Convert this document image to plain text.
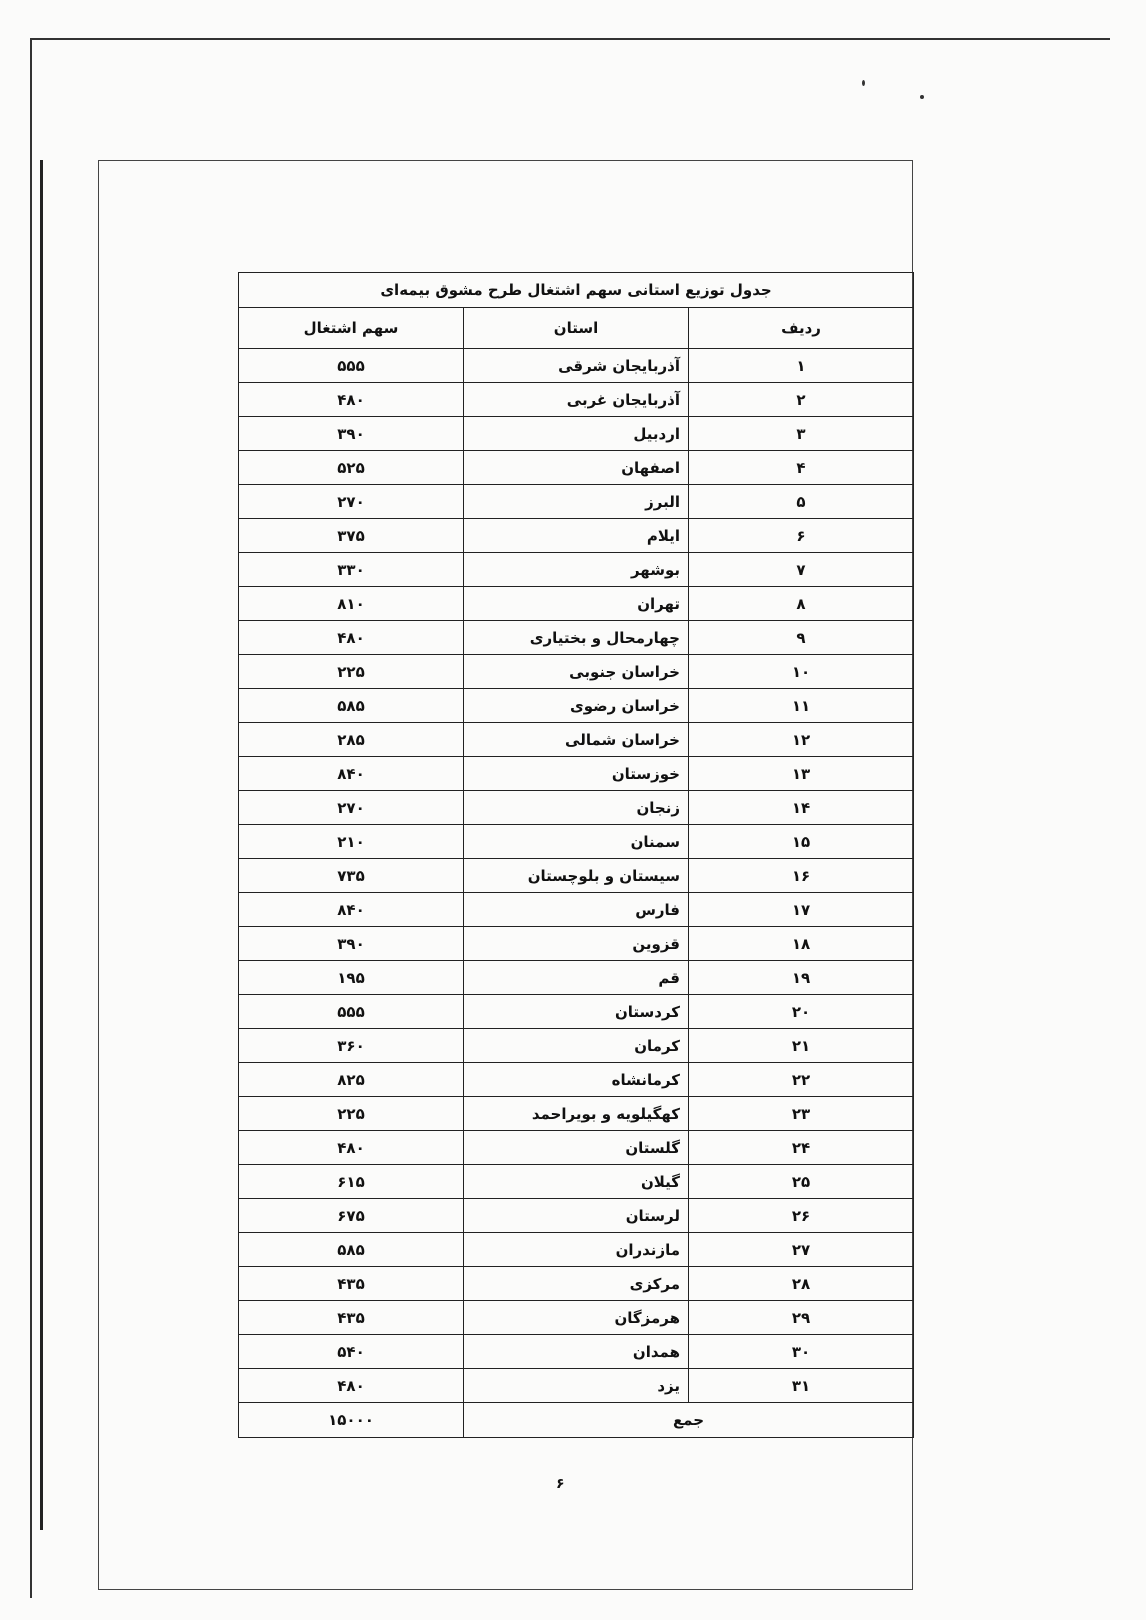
جدول توزیع استانی سهم اشتغال طرح مشوق بیمه‌ای		
ردیف	استان	سهم اشتغال
۱	آذربایجان شرقی	۵۵۵
۲	آذربایجان غربی	۴۸۰
۳	اردبیل	۳۹۰
۴	اصفهان	۵۲۵
۵	البرز	۲۷۰
۶	ایلام	۳۷۵
۷	بوشهر	۳۳۰
۸	تهران	۸۱۰
۹	چهارمحال و بختیاری	۴۸۰
۱۰	خراسان جنوبی	۲۲۵
۱۱	خراسان رضوی	۵۸۵
۱۲	خراسان شمالی	۲۸۵
۱۳	خوزستان	۸۴۰
۱۴	زنجان	۲۷۰
۱۵	سمنان	۲۱۰
۱۶	سیستان و بلوچستان	۷۳۵
۱۷	فارس	۸۴۰
۱۸	قزوین	۳۹۰
۱۹	قم	۱۹۵
۲۰	کردستان	۵۵۵
۲۱	کرمان	۳۶۰
۲۲	کرمانشاه	۸۲۵
۲۳	کهگیلویه و بویراحمد	۲۲۵
۲۴	گلستان	۴۸۰
۲۵	گیلان	۶۱۵
۲۶	لرستان	۶۷۵
۲۷	مازندران	۵۸۵
۲۸	مرکزی	۴۳۵
۲۹	هرمزگان	۴۳۵
۳۰	همدان	۵۴۰
۳۱	یزد	۴۸۰
جمع		۱۵۰۰۰
۶
